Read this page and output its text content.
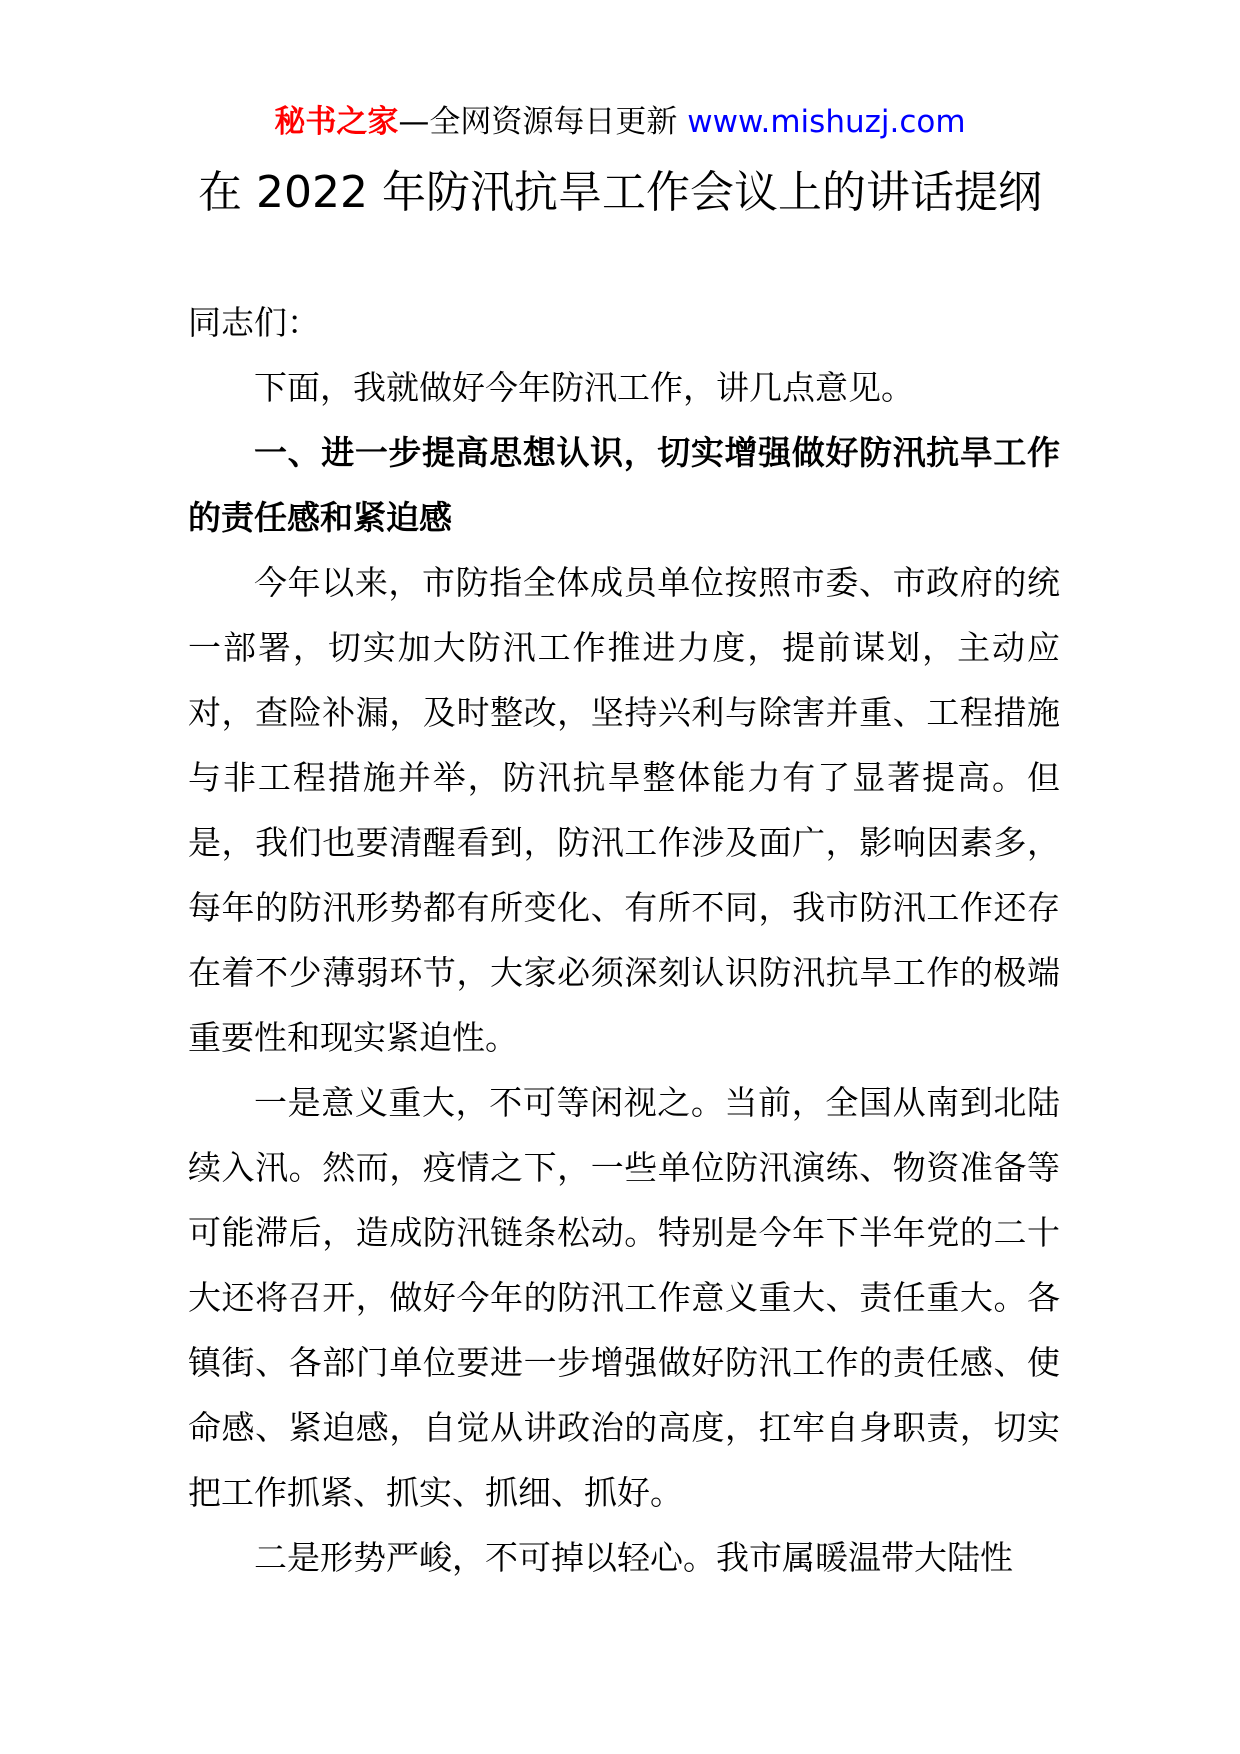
秘书之家—全网资源每日更新 www.mishuzj.com
在 2022 年防汛抗旱工作会议上的讲话提纲

同志们：

下面，我就做好今年防汛工作，讲几点意见。

一、进一步提高思想认识，切实增强做好防汛抗旱工作的责任感和紧迫感

今年以来，市防指全体成员单位按照市委、市政府的统一部署，切实加大防汛工作推进力度，提前谋划，主动应对，查险补漏，及时整改，坚持兴利与除害并重、工程措施与非工程措施并举，防汛抗旱整体能力有了显著提高。但是，我们也要清醒看到，防汛工作涉及面广，影响因素多，每年的防汛形势都有所变化、有所不同，我市防汛工作还存在着不少薄弱环节，大家必须深刻认识防汛抗旱工作的极端重要性和现实紧迫性。

一是意义重大，不可等闲视之。当前，全国从南到北陆续入汛。然而，疫情之下，一些单位防汛演练、物资准备等可能滞后，造成防汛链条松动。特别是今年下半年党的二十大还将召开，做好今年的防汛工作意义重大、责任重大。各镇街、各部门单位要进一步增强做好防汛工作的责任感、使命感、紧迫感，自觉从讲政治的高度，扛牢自身职责，切实把工作抓紧、抓实、抓细、抓好。

二是形势严峻，不可掉以轻心。我市属暖温带大陆性
